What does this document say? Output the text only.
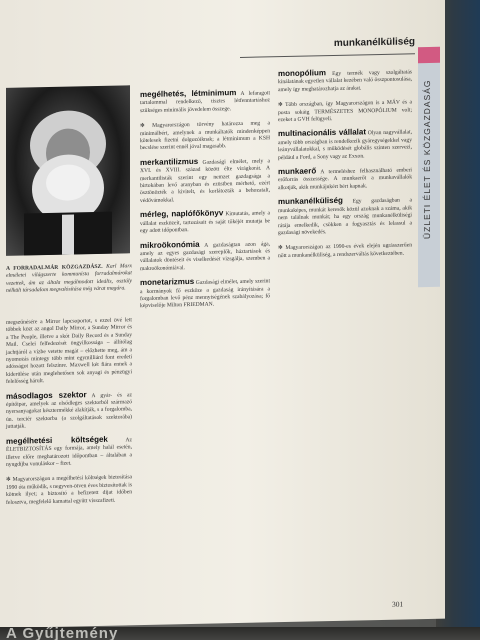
munkanélküliség
ÜZLETI ÉLET ÉS KÖZGAZDASÁG
A FORRADALMÁR KÖZGAZDÁSZ. Karl Marx elméletei világszerte kommunista forradalmárokat vezettek, ám az általa megálmodott ideális, osztály nélküli társadalom megvalósítása még várat magára.
megszűnésére a Mirror lapcsoportot, s ezzel övé lett többek közt az angol Daily Mirror, a Sunday Mirror és a The People, illetve a skót Daily Record és a Sunday Mail. Cselei felfedezését öngyilkossága – állítólag jachtjáról a vízbe vetette magát – előzhette meg, ám a nyomozás mintegy több mint egymilliárd font eredeti adósságot hozott felszínre. Maxwell két fiára ennek a kiderülése után meglehetősen sok anyagi és pénzügyi felelősség hárult.
másodlagos szektor A gyár- és az építőipar, amelyek az elsődleges szektorból származó nyersanyagokat késztermékké alakítják, s a forgalomba, ún. terciér szektorba (a szolgáltatások szektorába) juttatják.
megélhetési költségek	Az ÉLETBIZTOSÍTÁS egy formája, amely halál esetén, illetve előre meghatározott időpontban – általában a nyugdíjba vonuláskor – fizet.
✻ Magyarországon a megélhetési költségek biztosítása 1990 óta működik, s negyven-ötven éves biztosítottak is kötnek ilyet; a biztosító a befizetett díjat időben felosztva, megfelelő kamattal együtt visszafizeti.
megélhetés, létminimum A lefaragott tartalommal rendelkező, tisztes létfenntartáshoz szükséges minimális jövedelem összege.
✻ Magyarországon törvény határozza meg a minimálbért, amelynek a munkáltatók mindenképpen kötelesek fizetni dolgozóiknak; a létminimum a KSH becslése szerint ennél jóval magasabb.
merkantilizmus Gazdasági elmélet, mely a XVI. és XVIII. század között élte virágkorát. A merkantilisták szerint egy nemzet gazdagsága a birtokában levő aranyban és ezüstben mérhető, ezért ösztönözték a kivitelt, és korlátozták a behozatalt, védővámokkal.
mérleg, naplófőkönyv Kimutatás, amely a vállalat eszközeit, tartozásait és saját tőkéjét mutatja be egy adott időpontban.
mikroökonómia A gazdaságtan azon ága, amely az egyes gazdasági szereplők, háztartások és vállalatok döntéseit és viselkedését vizsgálja, szemben a makroökonómiával.
monetarizmus Gazdasági elmélet, amely szerint a kormányok fő eszköze a gazdaság irányítására a forgalomban levő pénz mennyiségének szabályozása; fő képviselője Milton FRIEDMAN.
monopólium Egy termék vagy szolgáltatás kínálatának egyetlen vállalat kezében való összpontosulása, amely így meghatározhatja az árakat.
✻ Több országban, így Magyarországon is a MÁV és a posta sokáig TERMÉSZETES MONOPÓLIUM volt; ezeket a GVH felügyeli.
multinacionális vállalat Olyan nagyvállalat, amely több országban is rendelkezik gyáregységekkel vagy leányvállalatokkal, s működését globális szinten szervezi, például a Ford, a Sony vagy az Exxon.
munkaerő A termeléshez felhasználható emberi erőforrás összessége. A munkaerőt a munkavállalók alkotják, akik munkájukért bért kapnak.
munkanélküliség Egy gazdaságban a munkaképes, munkát keresők közül azoknak a száma, akik nem találnak munkát; ha egy ország munkanélküliségi rátája emelkedik, csökken a fogyasztás és lelassul a gazdasági növekedés.
✻ Magyarországon az 1990-es évek elején ugrásszerűen nőtt a munkanélküliség, a rendszerváltás következtében.
301
A Gyűjtemény
